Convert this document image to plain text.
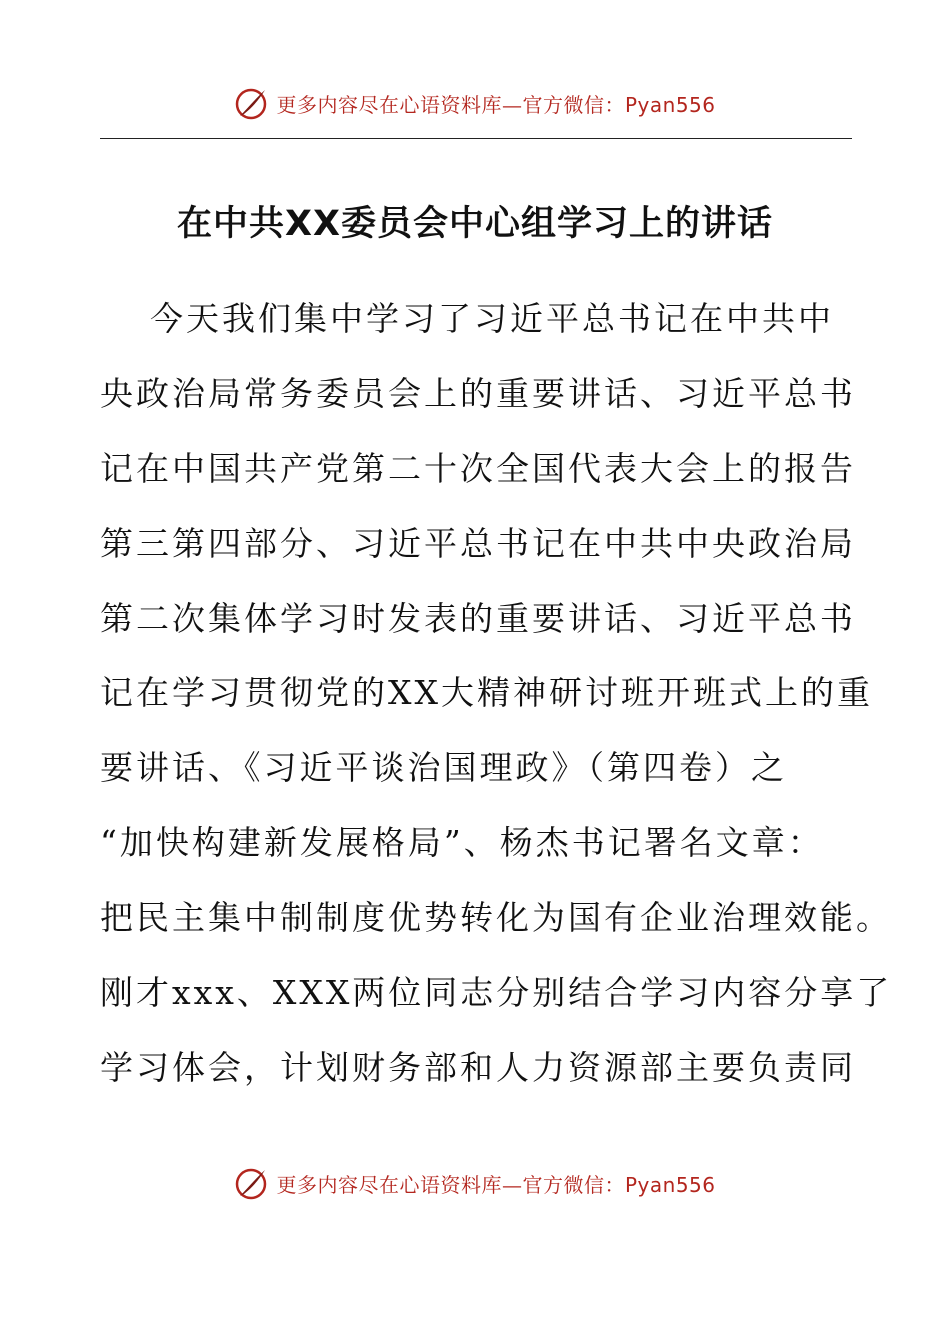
更多内容尽在心语资料库—官方微信：Pyan556
在中共XX委员会中心组学习上的讲话
今天我们集中学习了习近平总书记在中共中
央政治局常务委员会上的重要讲话、习近平总书
记在中国共产党第二十次全国代表大会上的报告
第三第四部分、习近平总书记在中共中央政治局
第二次集体学习时发表的重要讲话、习近平总书
记在学习贯彻党的XX大精神研讨班开班式上的重
要讲话、《习近平谈治国理政》（第四卷）之
“加快构建新发展格局”、杨杰书记署名文章：
把民主集中制制度优势转化为国有企业治理效能。
刚才xxx、XXX两位同志分别结合学习内容分享了
学习体会，计划财务部和人力资源部主要负责同
更多内容尽在心语资料库—官方微信：Pyan556
